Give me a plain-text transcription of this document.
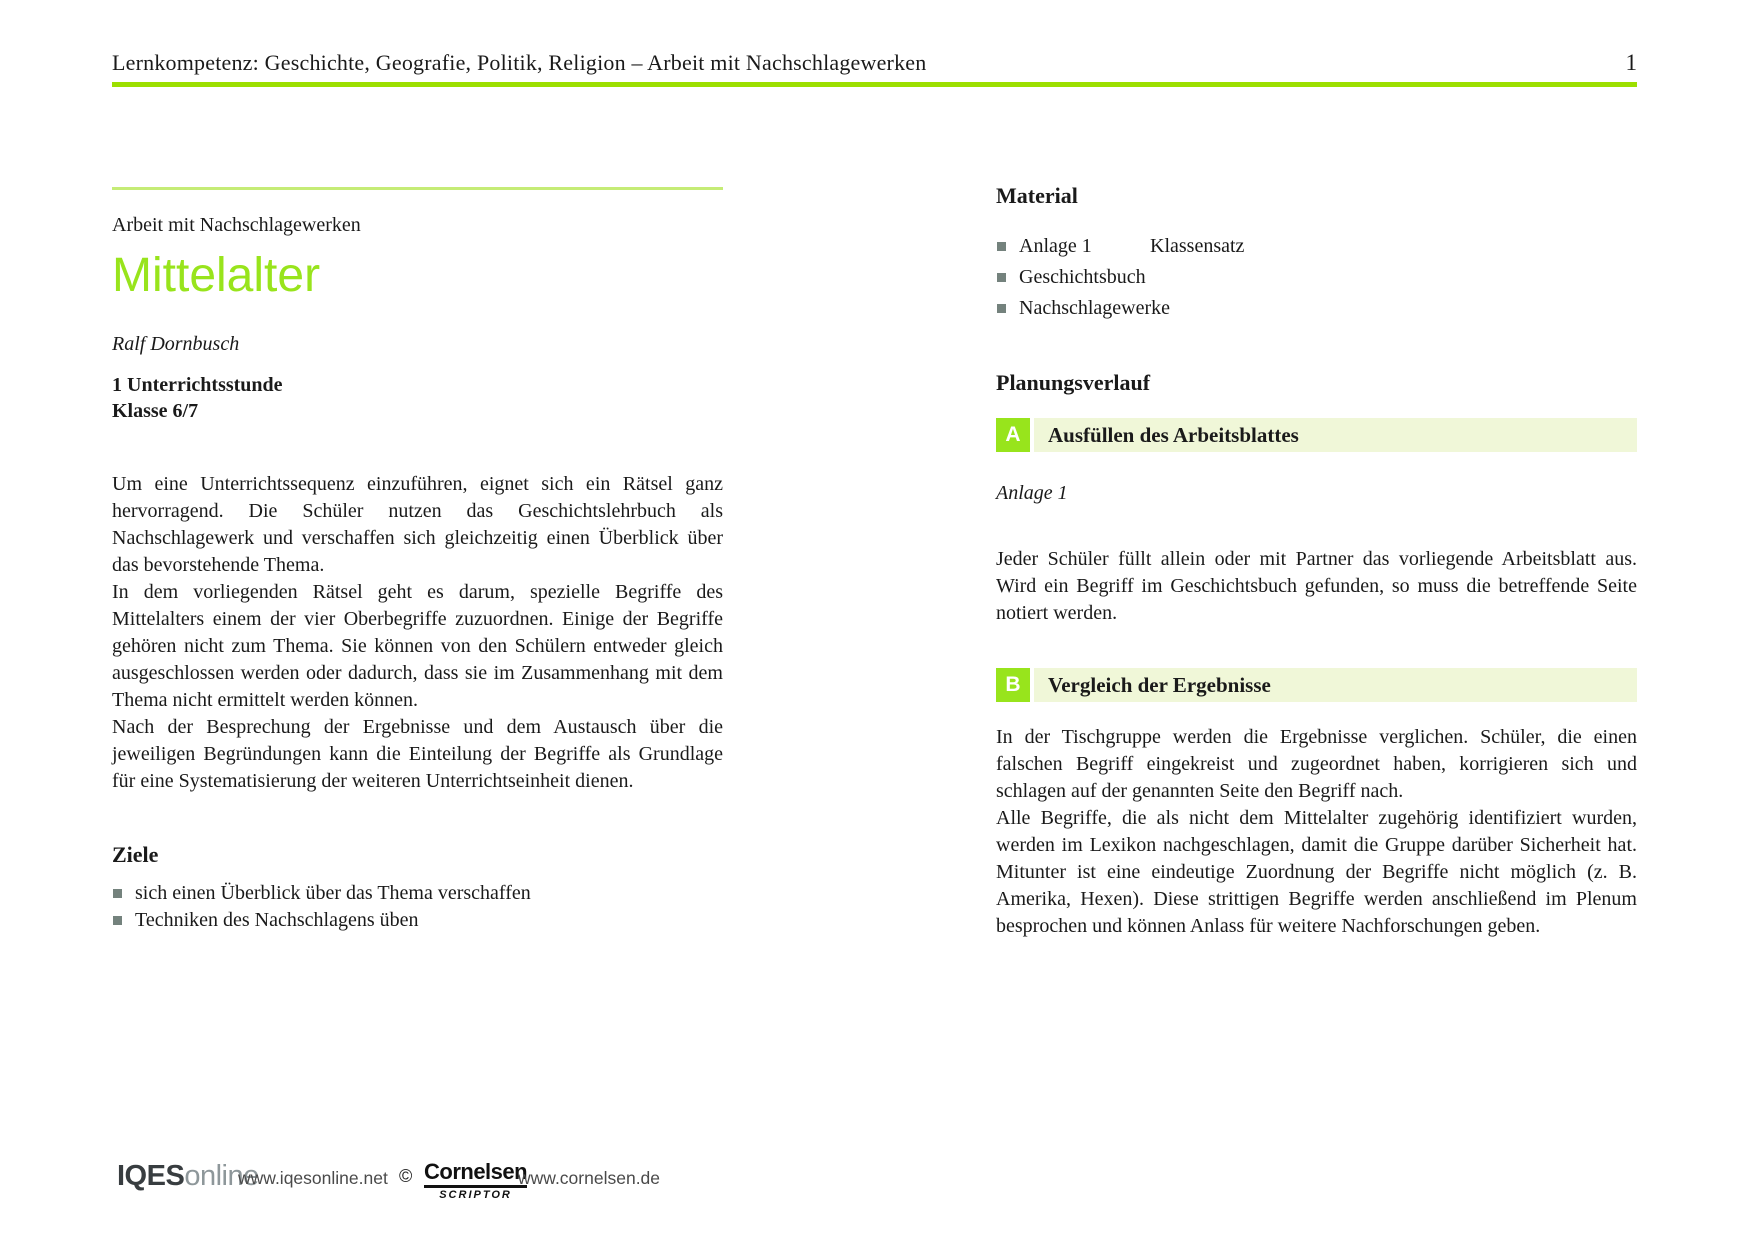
Lernkompetenz: Geschichte, Geografie, Politik, Religion – Arbeit mit Nachschlagewerken	1
Arbeit mit Nachschlagewerken
Mittelalter
Ralf Dornbusch
1 Unterrichtsstunde
Klasse 6/7

Um eine Unterrichtssequenz einzuführen, eignet sich ein Rätsel ganz hervorragend. Die Schüler nutzen das Geschichtslehrbuch als Nachschlagewerk und verschaffen sich gleichzeitig einen Überblick über das bevorstehende Thema.

In dem vorliegenden Rätsel geht es darum, spezielle Begriffe des Mittelalters einem der vier Oberbegriffe zuzuordnen. Einige der Begriffe gehören nicht zum Thema. Sie können von den Schülern entweder gleich ausgeschlossen werden oder dadurch, dass sie im Zusammenhang mit dem Thema nicht ermittelt werden können.

Nach der Besprechung der Ergebnisse und dem Austausch über die jeweiligen Begründungen kann die Einteilung der Begriffe als Grundlage für eine Systematisierung der weiteren Unterrichtseinheit dienen.

Ziele
sich einen Überblick über das Thema verschaffen
Techniken des Nachschlagens üben
Material
Anlage 1	Klassensatz
Geschichtsbuch
Nachschlagewerke
Planungsverlauf
A	Ausfüllen des Arbeitsblattes
Anlage 1

Jeder Schüler füllt allein oder mit Partner das vorliegende Arbeitsblatt aus. Wird ein Begriff im Geschichtsbuch gefunden, so muss die betreffende Seite notiert werden.

B	Vergleich der Ergebnisse

In der Tischgruppe werden die Ergebnisse verglichen. Schüler, die einen falschen Begriff eingekreist und zugeordnet haben, korrigieren sich und schlagen auf der genannten Seite den Begriff nach.

Alle Begriffe, die als nicht dem Mittelalter zugehörig identifiziert wurden, werden im Lexikon nachgeschlagen, damit die Gruppe darüber Sicherheit hat. Mitunter ist eine eindeutige Zuordnung der Begriffe nicht möglich (z. B. Amerika, Hexen). Diese strittigen Begriffe werden anschließend im Plenum besprochen und können Anlass für weitere Nachforschungen geben.

IQESonline
www.iqesonline.net © Cornelsen
SCRIPTOR
www.cornelsen.de
